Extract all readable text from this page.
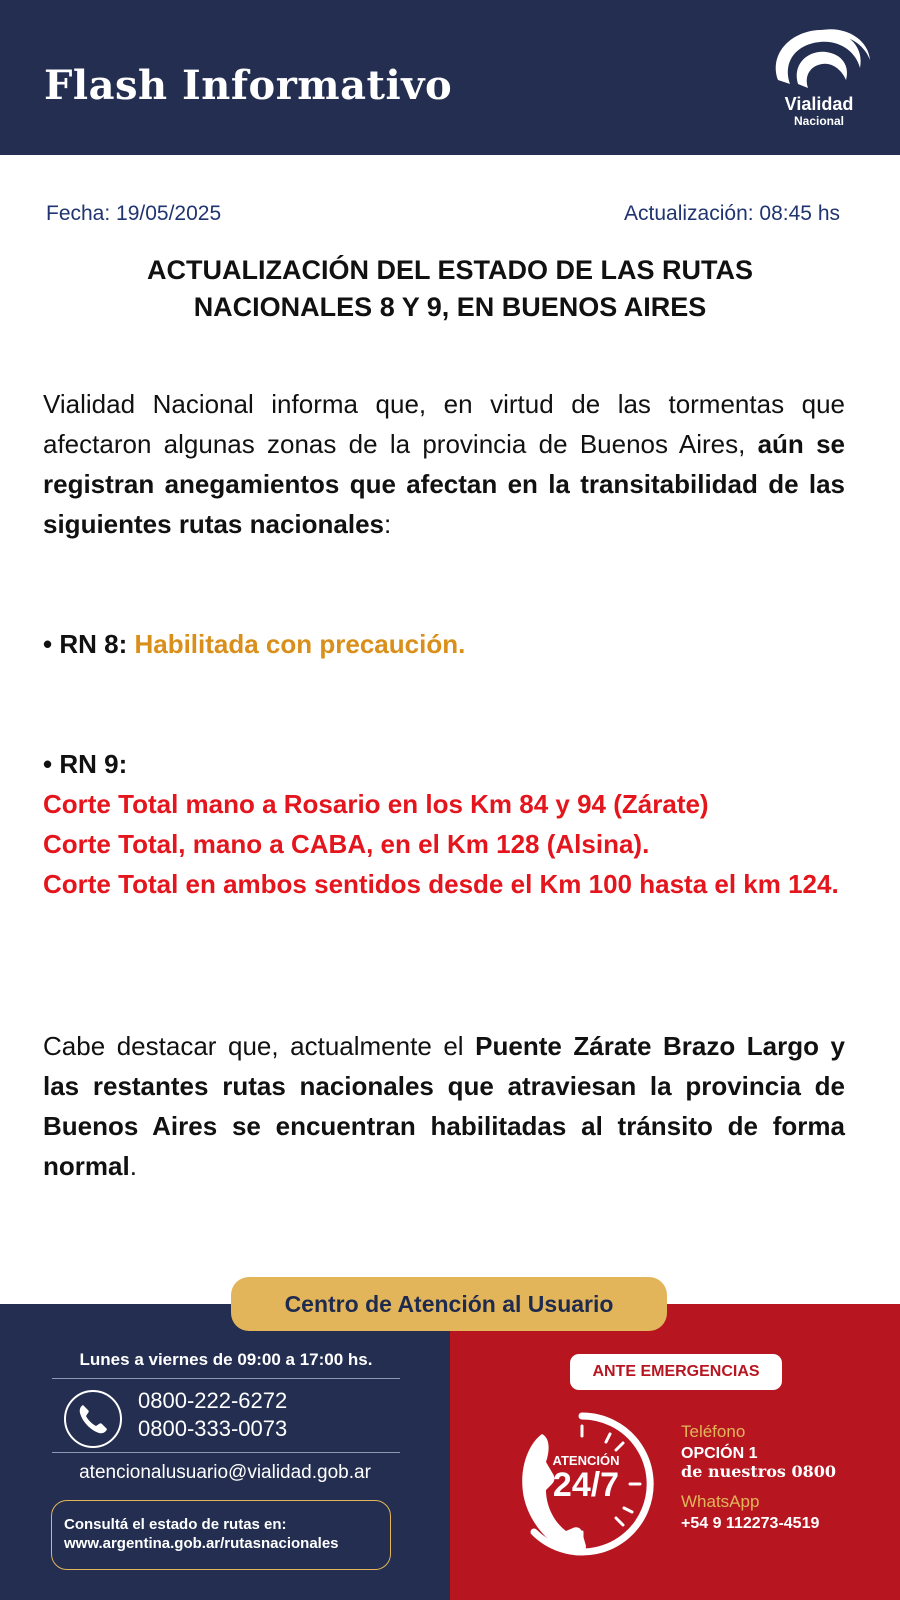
Flash Informativo	Vialidad
Nacional
Fecha: 19/05/2025	Actualización: 08:45 hs
ACTUALIZACIÓN DEL ESTADO DE LAS RUTAS
NACIONALES 8 Y 9, EN BUENOS AIRES
Vialidad Nacional informa que, en virtud de las tormentas que afectaron algunas zonas de la provincia de Buenos Aires, aún se registran anegamientos que afectan en la transitabilidad de las siguientes rutas nacionales:
• RN 8: Habilitada con precaución.
• RN 9:
Corte Total mano a Rosario en los Km 84 y 94 (Zárate)
Corte Total, mano a CABA, en el Km 128 (Alsina).
Corte Total en ambos sentidos desde el Km 100 hasta el km 124.
Cabe destacar que, actualmente el Puente Zárate Brazo Largo y las restantes rutas nacionales que atraviesan la provincia de Buenos Aires se encuentran habilitadas al tránsito de forma normal.
Centro de Atención al Usuario
Lunes a viernes de 09:00 a 17:00 hs.
0800-222-6272
0800-333-0073
atencionalusuario@vialidad.gob.ar
Consultá el estado de rutas en:
www.argentina.gob.ar/rutasnacionales
ANTE EMERGENCIAS
ATENCIÓN
24/7
Teléfono
OPCIÓN 1
de nuestros 0800
WhatsApp
+54 9 112273-4519
